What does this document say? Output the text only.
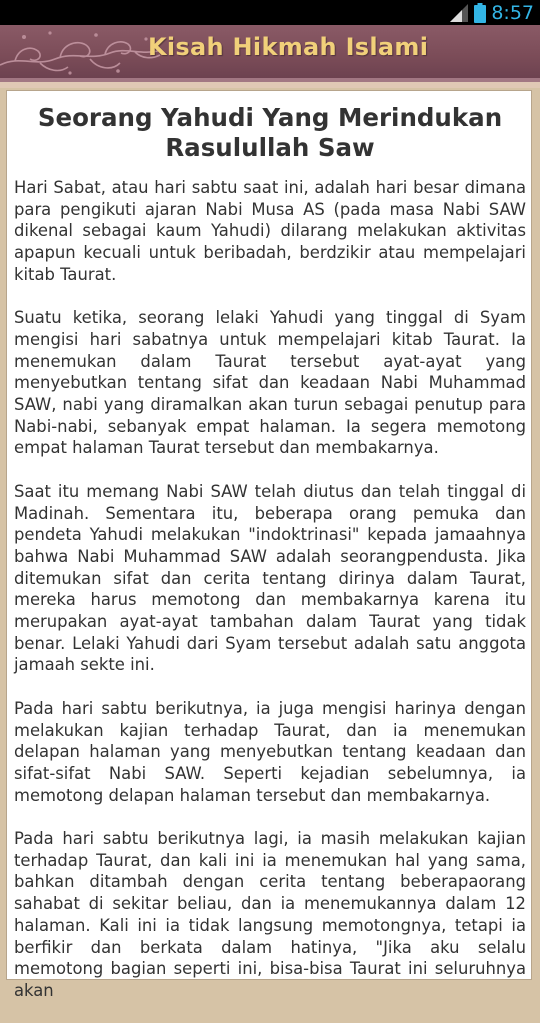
8:57
Kisah Hikmah Islami
Seorang Yahudi Yang Merindukan Rasulullah Saw

Hari Sabat, atau hari sabtu saat ini, adalah hari besar dimana para pengikuti ajaran Nabi Musa AS (pada masa Nabi SAW dikenal sebagai kaum Yahudi) dilarang melakukan aktivitas apapun kecuali untuk beribadah, berdzikir atau mempelajari kitab Taurat.

Suatu ketika, seorang lelaki Yahudi yang tinggal di Syam mengisi hari sabatnya untuk mempelajari kitab Taurat. Ia menemukan dalam Taurat tersebut ayat-ayat yang menyebutkan tentang sifat dan keadaan Nabi Muhammad SAW, nabi yang diramalkan akan turun sebagai penutup para Nabi-nabi, sebanyak empat halaman. Ia segera memotong empat halaman Taurat tersebut dan membakarnya.

Saat itu memang Nabi SAW telah diutus dan telah tinggal di Madinah. Sementara itu, beberapa orang pemuka dan pendeta Yahudi melakukan "indoktrinasi" kepada jamaahnya bahwa Nabi Muhammad SAW adalah seorangpendusta. Jika ditemukan sifat dan cerita tentang dirinya dalam Taurat, mereka harus memotong dan membakarnya karena itu merupakan ayat-ayat tambahan dalam Taurat yang tidak benar. Lelaki Yahudi dari Syam tersebut adalah satu anggota jamaah sekte ini.

Pada hari sabtu berikutnya, ia juga mengisi harinya dengan melakukan kajian terhadap Taurat, dan ia menemukan delapan halaman yang menyebutkan tentang keadaan dan sifat-sifat Nabi SAW. Seperti kejadian sebelumnya, ia memotong delapan halaman tersebut dan membakarnya.

Pada hari sabtu berikutnya lagi, ia masih melakukan kajian terhadap Taurat, dan kali ini ia menemukan hal yang sama, bahkan ditambah dengan cerita tentang beberapaorang sahabat di sekitar beliau, dan ia menemukannya dalam 12 halaman. Kali ini ia tidak langsung memotongnya, tetapi ia berfikir dan berkata dalam hatinya, "Jika aku selalu memotong bagian seperti ini, bisa-bisa Taurat ini seluruhnya akan
